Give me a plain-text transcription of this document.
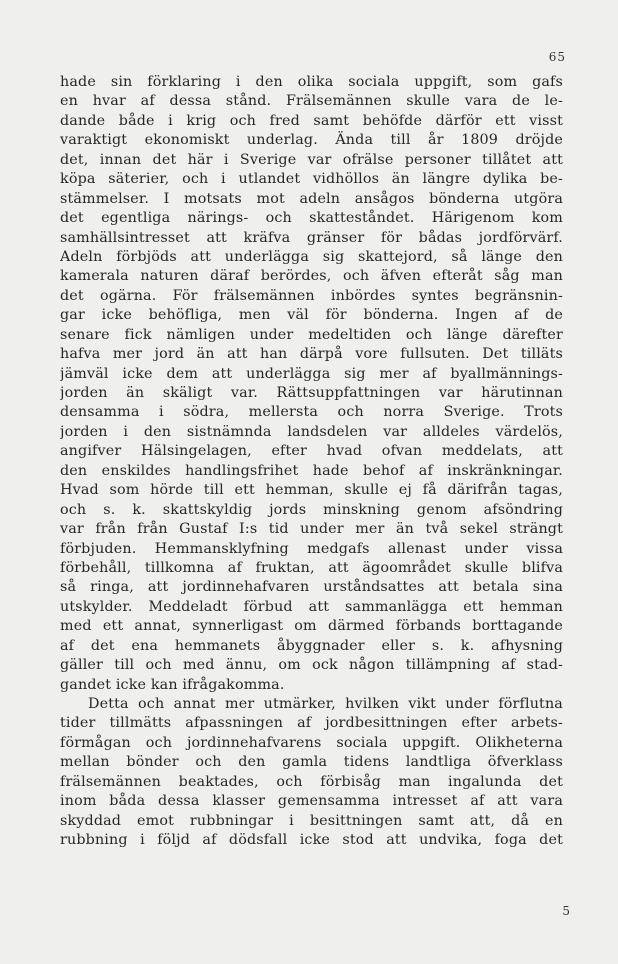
65
hade sin förklaring i den olika sociala uppgift, som gafs
en hvar af dessa stånd. Frälsemännen skulle vara de le-
dande både i krig och fred samt behöfde därför ett visst
varaktigt ekonomiskt underlag. Ända till år 1809 dröjde
det, innan det här i Sverige var ofrälse personer tillåtet att
köpa säterier, och i utlandet vidhöllos än längre dylika be-
stämmelser. I motsats mot adeln ansågos bönderna utgöra
det egentliga närings- och skatteståndet. Härigenom kom
samhällsintresset att kräfva gränser för bådas jordförvärf.
Adeln förbjöds att underlägga sig skattejord, så länge den
kamerala naturen däraf berördes, och äfven efteråt såg man
det ogärna. För frälsemännen inbördes syntes begränsnin-
gar icke behöfliga, men väl för bönderna. Ingen af de
senare fick nämligen under medeltiden och länge därefter
hafva mer jord än att han därpå vore fullsuten. Det tilläts
jämväl icke dem att underlägga sig mer af byallmännings-
jorden än skäligt var. Rättsuppfattningen var härutinnan
densamma i södra, mellersta och norra Sverige. Trots
jorden i den sistnämnda landsdelen var alldeles värdelös,
angifver Hälsingelagen, efter hvad ofvan meddelats, att
den enskildes handlingsfrihet hade behof af inskränkningar.
Hvad som hörde till ett hemman, skulle ej få därifrån tagas,
och s. k. skattskyldig jords minskning genom afsöndring
var från från Gustaf I:s tid under mer än två sekel strängt
förbjuden. Hemmansklyfning medgafs allenast under vissa
förbehåll, tillkomna af fruktan, att ägoområdet skulle blifva
så ringa, att jordinnehafvaren urståndsattes att betala sina
utskylder. Meddeladt förbud att sammanlägga ett hemman
med ett annat, synnerligast om därmed förbands borttagande
af det ena hemmanets åbyggnader eller s. k. afhysning
gäller till och med ännu, om ock någon tillämpning af stad-
gandet icke kan ifrågakomma.
Detta och annat mer utmärker, hvilken vikt under förflutna
tider tillmätts afpassningen af jordbesittningen efter arbets-
förmågan och jordinnehafvarens sociala uppgift. Olikheterna
mellan bönder och den gamla tidens landtliga öfverklass
frälsemännen beaktades, och förbisåg man ingalunda det
inom båda dessa klasser gemensamma intresset af att vara
skyddad emot rubbningar i besittningen samt att, då en
rubbning i följd af dödsfall icke stod att undvika, foga det
5
